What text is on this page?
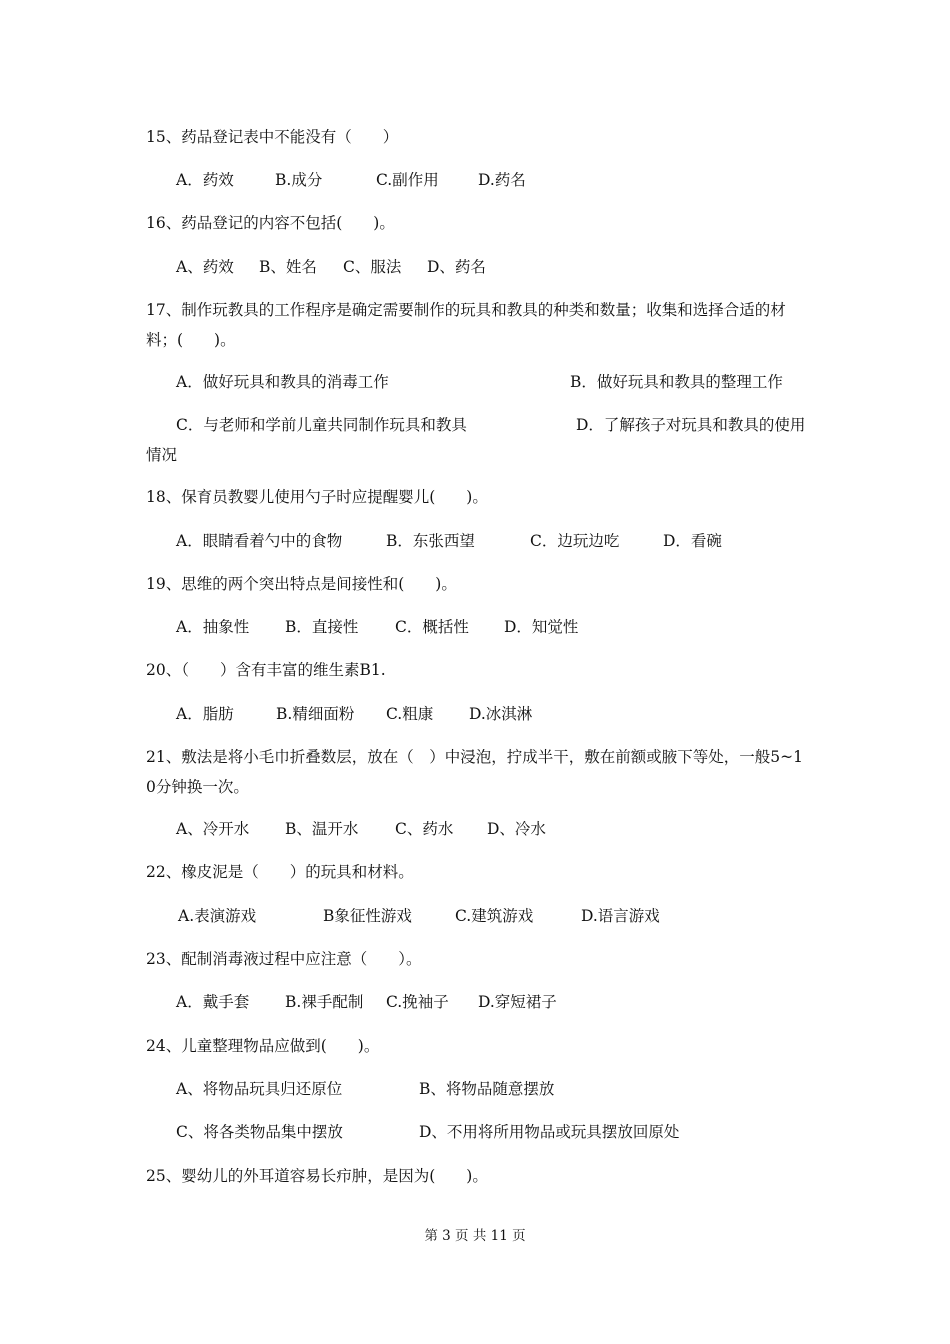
15、药品登记表中不能没有（　　）
A．药效	B.成分	C.副作用	D.药名
16、药品登记的内容不包括(　　)。
A、药效 B、姓名 C、服法 D、药名
17、制作玩教具的工作程序是确定需要制作的玩具和教具的种类和数量；收集和选择合适的材料；(　　)。
A．做好玩具和教具的消毒工作	B．做好玩具和教具的整理工作
C．与老师和学前儿童共同制作玩具和教具	D．了解孩子对玩具和教具的使用情况
18、保育员教婴儿使用勺子时应提醒婴儿(　　)。
A．眼睛看着勺中的食物	B．东张西望	C．边玩边吃	D．看碗
19、思维的两个突出特点是间接性和(　　)。
A．抽象性 B．直接性 C．概括性 D．知觉性
20、（　　）含有丰富的维生素B1.
A．脂肪	B.精细面粉 C.粗康 D.冰淇淋
21、敷法是将小毛巾折叠数层，放在（　）中浸泡，拧成半干，敷在前额或腋下等处，一般5~10分钟换一次。
A、冷开水 B、温开水 C、药水 D、冷水
22、橡皮泥是（　　）的玩具和材料。
A.表演游戏	B象征性游戏	C.建筑游戏	D.语言游戏
23、配制消毒液过程中应注意（　　）。
A．戴手套 B.裸手配制 C.挽袖子 D.穿短裙子
24、儿童整理物品应做到(　　)。
A、将物品玩具归还原位	B、将物品随意摆放
C、将各类物品集中摆放	D、不用将所用物品或玩具摆放回原处
25、婴幼儿的外耳道容易长疖肿，是因为(　　)。
第 3 页 共 11 页
